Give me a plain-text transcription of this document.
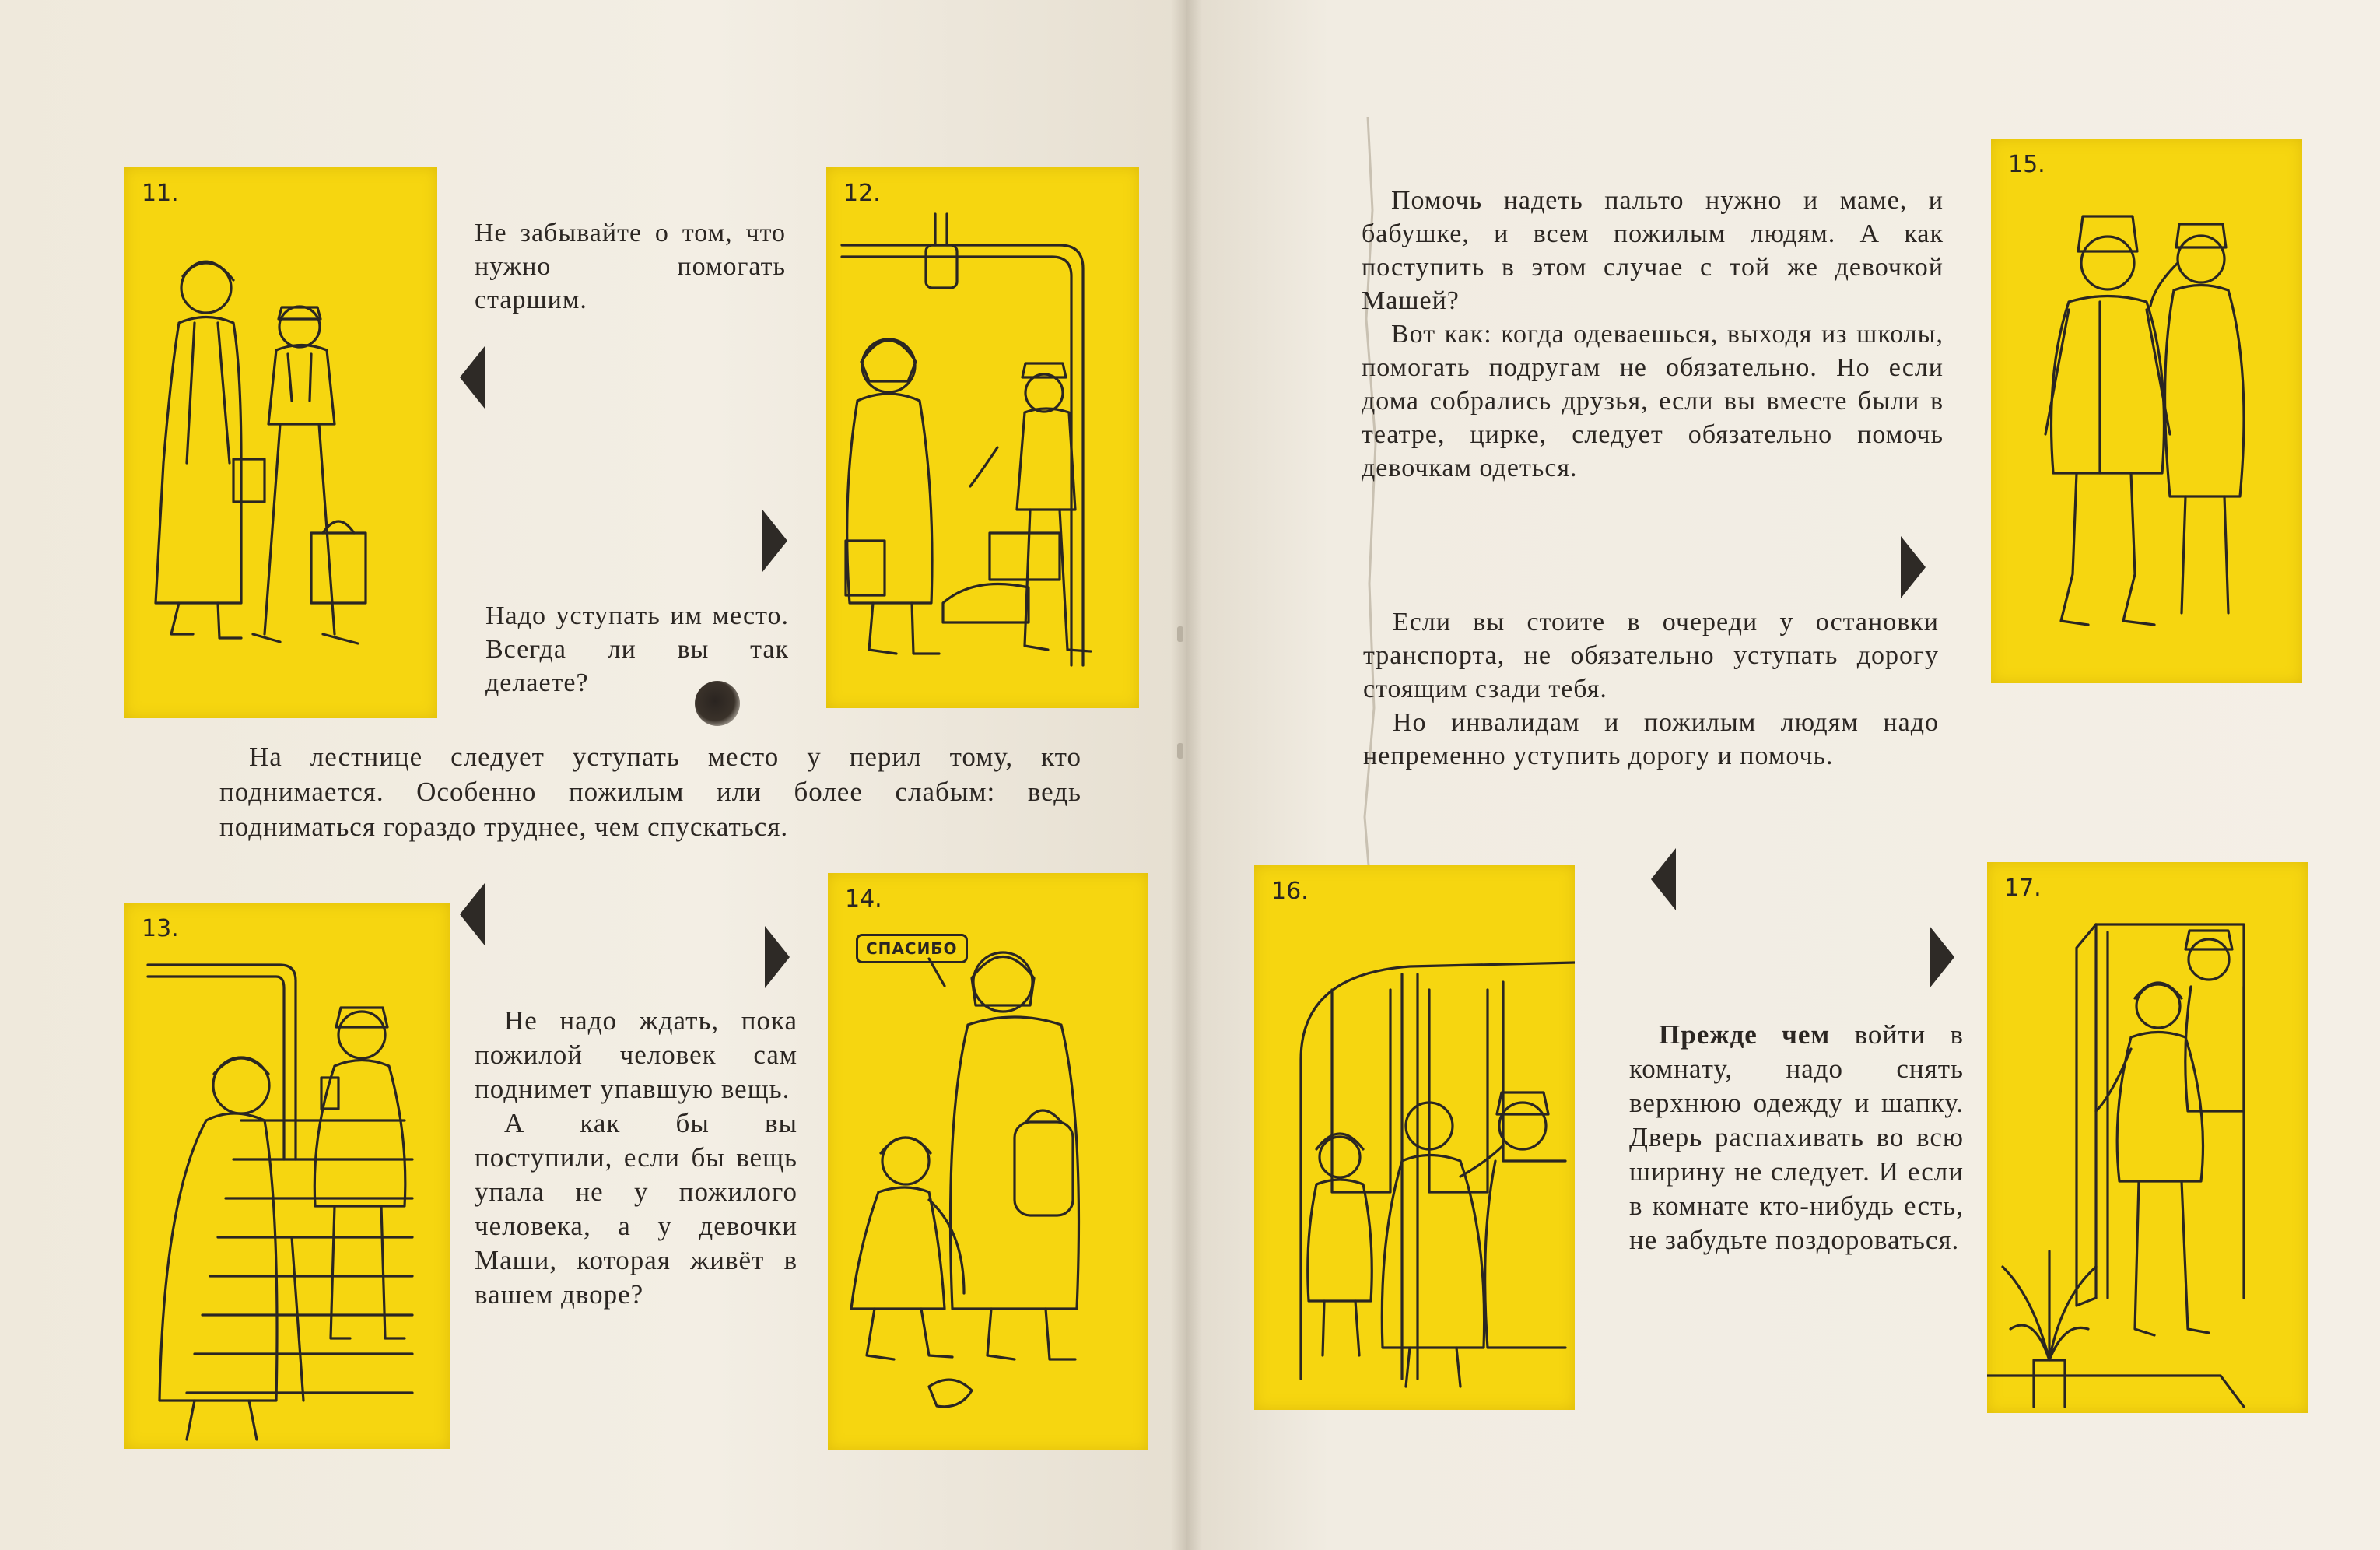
11.	12.
13.
14.
СПАСИБО
15.
16.	17.

Не забывайте о том, что нужно помогать старшим.

Надо уступать им место. Всегда ли вы так делаете?

На лестнице следует уступать место у перил тому, кто поднимается. Особенно пожилым или более слабым: ведь подниматься гораздо труднее, чем спускаться.

Не надо ждать, пока пожилой человек сам поднимет упавшую вещь.

А как бы вы поступили, если бы вещь упала не у пожилого человека, а у девочки Маши, которая живёт в вашем дворе?

Помочь надеть пальто нужно и маме, и бабушке, и всем пожилым людям. А как поступить в этом случае с той же девочкой Машей?

Вот как: когда одеваешься, выходя из школы, помогать подругам не обязательно. Но если дома собрались друзья, если вы вместе были в театре, цирке, следует обязательно помочь девочкам одеться.

Если вы стоите в очереди у остановки транспорта, не обязательно уступать дорогу стоящим сзади тебя.

Но инвалидам и пожилым людям надо непременно уступить дорогу и помочь.

Прежде чем войти в комнату, надо снять верхнюю одежду и шапку. Дверь распахивать во всю ширину не следует. И если в комнате кто-нибудь есть, не забудьте поздороваться.
